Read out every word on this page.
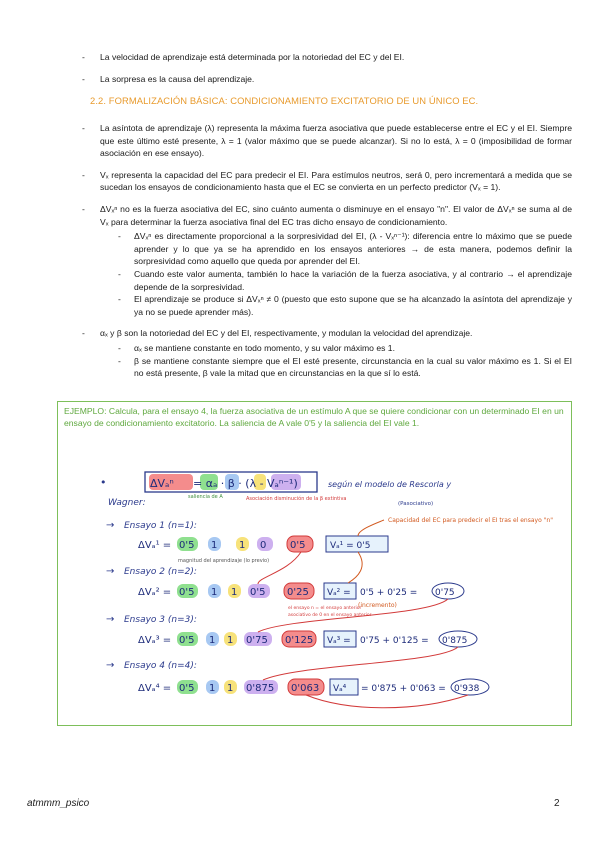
- La velocidad de aprendizaje está determinada por la notoriedad del EC y del EI.
- La sorpresa es la causa del aprendizaje.
2.2. FORMALIZACIÓN BÁSICA: CONDICIONAMIENTO EXCITATORIO DE UN ÚNICO EC.
- La asíntota de aprendizaje (λ) representa la máxima fuerza asociativa que puede establecerse entre el EC y el EI. Siempre que este último esté presente, λ = 1 (valor máximo que se puede alcanzar). Si no lo está, λ = 0 (imposibilidad de formar asociación en ese ensayo).
- Vₓ representa la capacidad del EC para predecir el EI. Para estímulos neutros, será 0, pero incrementará a medida que se sucedan los ensayos de condicionamiento hasta que el EC se convierta en un perfecto predictor (Vₓ = 1).
- ΔVₓⁿ no es la fuerza asociativa del EC, sino cuánto aumenta o disminuye en el ensayo "n". El valor de ΔVₓⁿ se suma al de Vₓ para determinar la fuerza asociativa final del EC tras dicho ensayo de condicionamiento.
- ΔVₓⁿ es directamente proporcional a la sorpresividad del EI, (λ - Vₓⁿ⁻¹): diferencia entre lo máximo que se puede aprender y lo que ya se ha aprendido en los ensayos anteriores → de esta manera, podemos definir la sorpresividad como aquello que queda por aprender del EI.
- Cuando este valor aumenta, también lo hace la variación de la fuerza asociativa, y al contrario → el aprendizaje depende de la sorpresividad.
- El aprendizaje se produce si ΔVₓⁿ ≠ 0 (puesto que esto supone que se ha alcanzado la asíntota del aprendizaje y ya no se puede aprender más).
- αₓ y β son la notoriedad del EC y del EI, respectivamente, y modulan la velocidad del aprendizaje.
- αₓ se mantiene constante en todo momento, y su valor máximo es 1.
- β se mantiene constante siempre que el EI esté presente, circunstancia en la cual su valor máximo es 1. Si el EI no está presente, β vale la mitad que en circunstancias en la que sí lo está.
EJEMPLO: Calcula, para el ensayo 4, la fuerza asociativa de un estímulo A que se quiere condicionar con un determinado EI en un ensayo de condicionamiento excitatorio. La saliencia de A vale 0'5 y la saliencia del EI vale 1.
•	ΔVₐⁿ = αₐ · β · (λ - Vₐⁿ⁻¹)	según el modelo de Rescorla y
Wagner:	Asociación disminución de la β extintiva
saliencia de A
(Pasociativo)
Capacidad del EC para predecir el EI tras el ensayo "n"
magnitud del aprendizaje (lo previo)
(incremento)
el ensayo n = el ensayo anterior
asociativo de 0 en el ensayo anterior
→ Ensayo 1 (n=1):
ΔVₐ¹ = 0'5 1 1 0 0'5	Vₐ¹ = 0'5
→ Ensayo 2 (n=2):
ΔVₐ² = 0'5 1 1 0'5 0'25 Vₐ² = 0'5 + 0'25 = 0'75
→ Ensayo 3 (n=3):
ΔVₐ³ = 0'5 1 1 0'75 0'125 Vₐ³ = 0'75 + 0'125 = 0'875
→ Ensayo 4 (n=4):
ΔVₐ⁴ = 0'5 1 1 0'875 0'063 Vₐ⁴ = 0'875 + 0'063 = 0'938
atmmm_psico	2
